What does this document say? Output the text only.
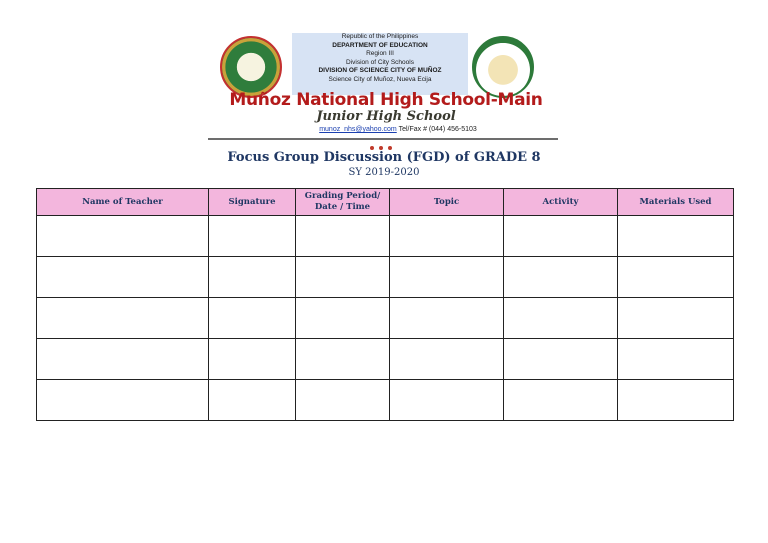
Republic of the Philippines
DEPARTMENT OF EDUCATION
Region III
Division of City Schools
DIVISION OF SCIENCE CITY OF MUÑOZ
Science City of Muñoz, Nueva Ecija
Muñoz National High School-Main
Junior High School
munoz_nhs@yahoo.com Tel/Fax # (044) 456-5103
Focus Group Discussion (FGD) of GRADE 8
SY 2019-2020
Name of Teacher	Signature	Grading Period/ Date / Time	Topic	Activity	Materials Used
